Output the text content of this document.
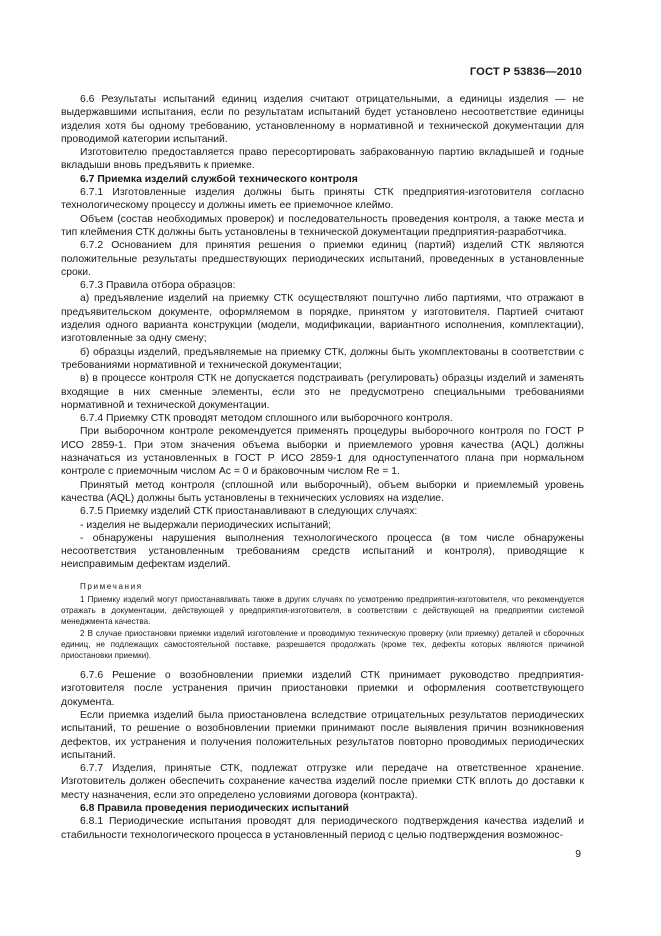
ГОСТ Р 53836—2010

6.6 Результаты испытаний единиц изделия считают отрицательными, а единицы изделия — не выдержавшими испытания, если по результатам испытаний будет установлено несоответствие единицы изделия хотя бы одному требованию, установленному в нормативной и технической документации для проводимой категории испытаний.

Изготовителю предоставляется право пересортировать забракованную партию вкладышей и годные вкладыши вновь предъявить к приемке.

6.7 Приемка изделий службой технического контроля

6.7.1 Изготовленные изделия должны быть приняты СТК предприятия-изготовителя согласно технологическому процессу и должны иметь ее приемочное клеймо.

Объем (состав необходимых проверок) и последовательность проведения контроля, а также места и тип клеймения СТК должны быть установлены в технической документации предприятия-разработчика.

6.7.2 Основанием для принятия решения о приемки единиц (партий) изделий СТК являются положительные результаты предшествующих периодических испытаний, проведенных в установленные сроки.

6.7.3 Правила отбора образцов:

а) предъявление изделий на приемку СТК осуществляют поштучно либо партиями, что отражают в предъявительском документе, оформляемом в порядке, принятом у изготовителя. Партией считают изделия одного варианта конструкции (модели, модификации, вариантного исполнения, комплектации), изготовленные за одну смену;

б) образцы изделий, предъявляемые на приемку СТК, должны быть укомплектованы в соответствии с требованиями нормативной и технической документации;

в) в процессе контроля СТК не допускается подстраивать (регулировать) образцы изделий и заменять входящие в них сменные элементы, если это не предусмотрено специальными требованиями нормативной и технической документации.

6.7.4 Приемку СТК проводят методом сплошного или выборочного контроля.

При выборочном контроле рекомендуется применять процедуры выборочного контроля по ГОСТ Р ИСО 2859-1. При этом значения объема выборки и приемлемого уровня качества (AQL) должны назначаться из установленных в ГОСТ Р ИСО 2859-1 для одноступенчатого плана при нормальном контроле с приемочным числом Ас = 0 и браковочным числом Re = 1.

Принятый метод контроля (сплошной или выборочный), объем выборки и приемлемый уровень качества (AQL) должны быть установлены в технических условиях на изделие.

6.7.5 Приемку изделий СТК приостанавливают в следующих случаях:

- изделия не выдержали периодических испытаний;

- обнаружены нарушения выполнения технологического процесса (в том числе обнаружены несоответствия установленным требованиям средств испытаний и контроля), приводящие к неисправимым дефектам изделий.

Примечания

1 Приемку изделий могут приостанавливать также в других случаях по усмотрению предприятия-изготовителя, что рекомендуется отражать в документации, действующей у предприятия-изготовителя, в соответствии с действующей на предприятии системой менеджмента качества.

2 В случае приостановки приемки изделий изготовление и проводимую техническую проверку (или приемку) деталей и сборочных единиц, не подлежащих самостоятельной поставке, разрешается продолжать (кроме тех, дефекты которых являются причиной приостановки приемки).

6.7.6 Решение о возобновлении приемки изделий СТК принимает руководство предприятия-изготовителя после устранения причин приостановки приемки и оформления соответствующего документа.

Если приемка изделий была приостановлена вследствие отрицательных результатов периодических испытаний, то решение о возобновлении приемки принимают после выявления причин возникновения дефектов, их устранения и получения положительных результатов повторно проводимых периодических испытаний.

6.7.7 Изделия, принятые СТК, подлежат отгрузке или передаче на ответственное хранение. Изготовитель должен обеспечить сохранение качества изделий после приемки СТК вплоть до доставки к месту назначения, если это определено условиями договора (контракта).

6.8 Правила проведения периодических испытаний

6.8.1 Периодические испытания проводят для периодического подтверждения качества изделий и стабильности технологического процесса в установленный период с целью подтверждения возможнос-

9
